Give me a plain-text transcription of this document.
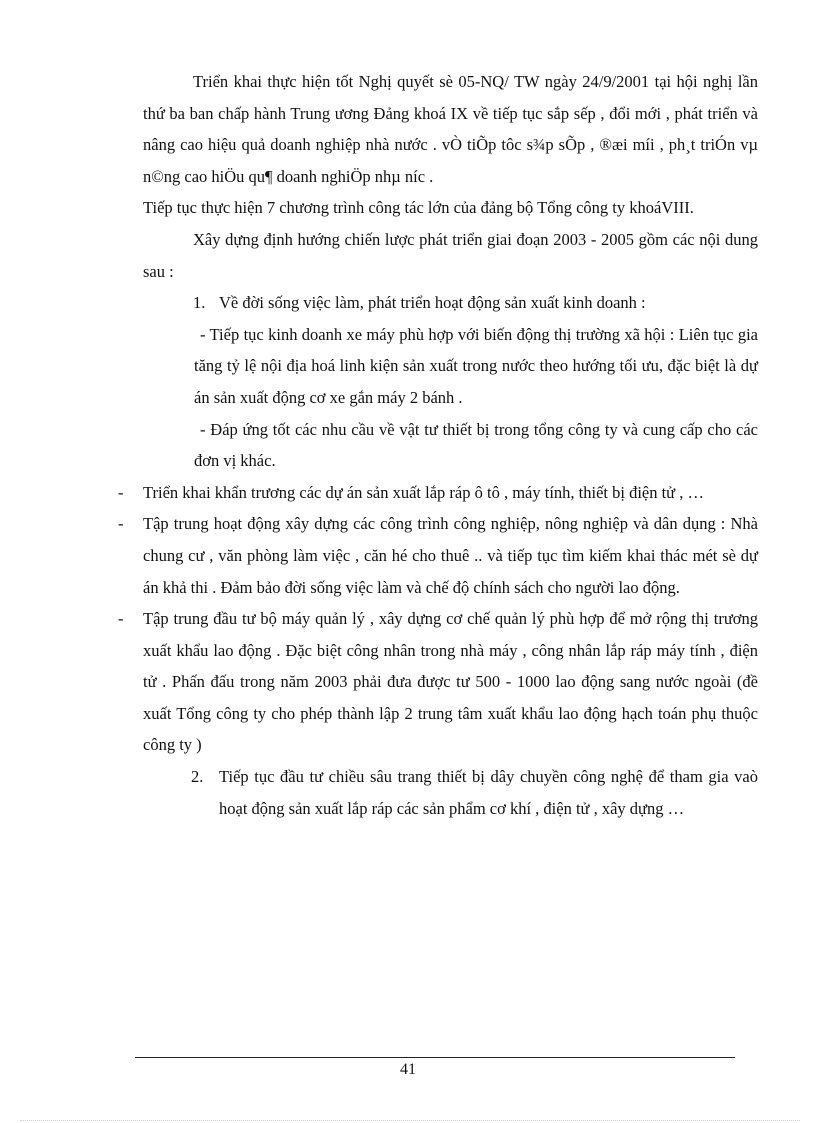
Triển khai thực hiện tốt Nghị quyết sè 05-NQ/ TW ngày 24/9/2001 tại hội nghị lần thứ ba ban chấp hành Trung ương Đảng khoá IX về tiếp tục sắp sếp , đổi mới , phát triển và nâng cao hiệu quả doanh nghiệp nhà nước . vÒ tiÕp tôc s¾p sÕp , ®æi míi , ph¸t triÓn vµ n©ng cao hiÖu qu¶ doanh nghiÖp nhµ níc .

Tiếp tục thực hiện 7 chương trình công tác lớn của đảng bộ Tổng công ty khoáVIII.

Xây dựng định hướng chiến lược phát triển giai đoạn 2003 - 2005 gồm các nội dung sau :

1. Về đời sống việc làm, phát triển hoạt động sản xuất kinh doanh :

- Tiếp tục kinh doanh xe máy phù hợp với biến động thị trường xã hội : Liên tục gia tăng tỷ lệ nội địa hoá linh kiện sản xuất trong nước theo hướng tối ưu, đặc biệt là dự án sản xuất động cơ xe gắn máy 2 bánh .

- Đáp ứng tốt các nhu cầu về vật tư thiết bị trong tổng công ty và cung cấp cho các đơn vị khác.

-	Triển khai khẩn trương các dự án sản xuất lắp ráp ô tô , máy tính, thiết bị điện tử , …
-	Tập trung hoạt động xây dựng các công trình công nghiệp, nông nghiệp và dân dụng : Nhà chung cư , văn phòng làm việc , căn hé cho thuê .. và tiếp tục tìm kiếm khai thác mét sè dự án khả thi . Đảm bảo đời sống việc làm và chế độ chính sách cho người lao động.
-	Tập trung đầu tư bộ máy quản lý , xây dựng cơ chế quản lý phù hợp để mở rộng thị trương xuất khẩu lao động . Đặc biệt công nhân trong nhà máy , công nhân lắp ráp máy tính , điện tử . Phấn đấu trong năm 2003 phải đưa được tư 500 - 1000 lao động sang nước ngoài (đề xuất Tổng công ty cho phép thành lập 2 trung tâm xuất khẩu lao động hạch toán phụ thuộc công ty )
2. Tiếp tục đầu tư chiều sâu trang thiết bị dây chuyền công nghệ để tham gia vaò hoạt động sản xuất lắp ráp các sản phẩm cơ khí , điện tử , xây dựng …
41
